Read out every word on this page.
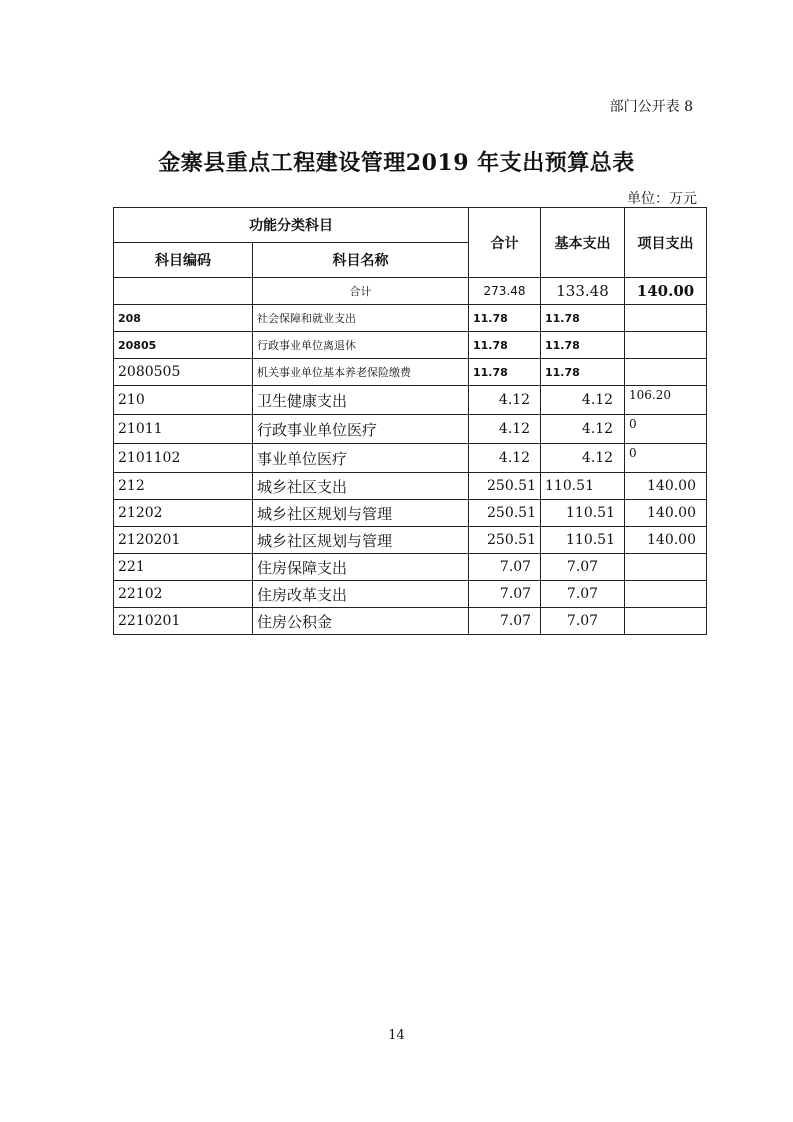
部门公开表 8
金寨县重点工程建设管理2019 年支出预算总表
单位：万元
功能分类科目		合计	基本支出	项目支出
科目编码	科目名称			
	合计	273.48	133.48	140.00
208	社会保障和就业支出	11.78	11.78	
20805	行政事业单位离退休	11.78	11.78	
2080505	机关事业单位基本养老保险缴费	11.78	11.78	
210	卫生健康支出	4.12	4.12	106.20
21011	行政事业单位医疗	4.12	4.12	0
2101102	事业单位医疗	4.12	4.12	0
212	城乡社区支出	250.51	110.51	140.00
21202	城乡社区规划与管理	250.51	110.51	140.00
2120201	城乡社区规划与管理	250.51	110.51	140.00
221	住房保障支出	7.07	7.07	
22102	住房改革支出	7.07	7.07	
2210201	住房公积金	7.07	7.07	
14
